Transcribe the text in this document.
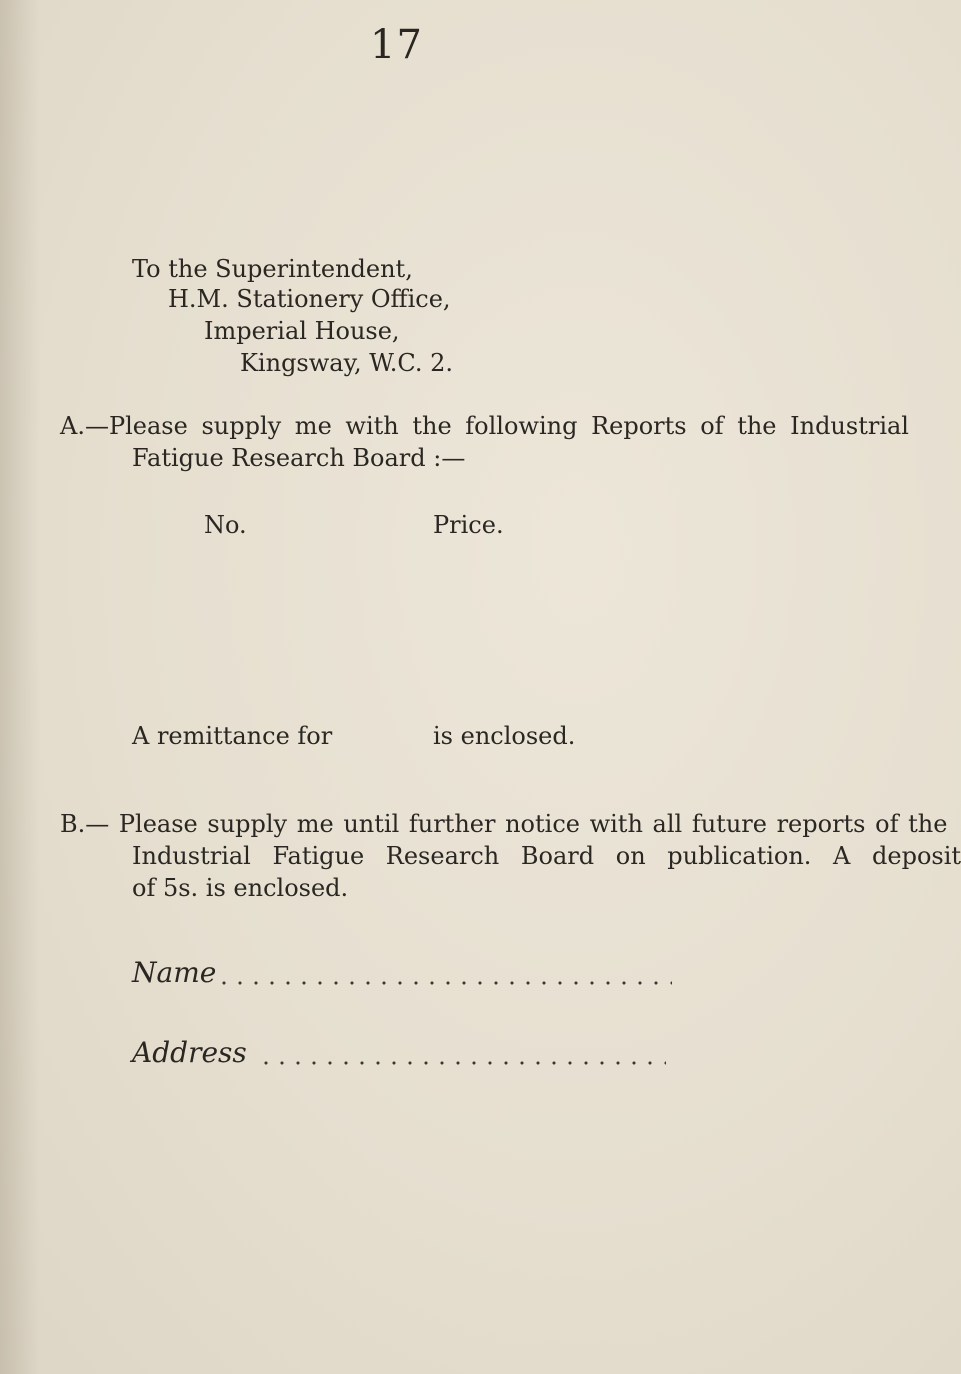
17
To the Superintendent,
H.M. Stationery Office,
Imperial House,
Kingsway, W.C. 2.
A.—Please supply me with the following Reports of the Industrial
Fatigue Research Board :—
No.	Price.
A remittance for	is enclosed.
B.— Please supply me until further notice with all future reports of the
Industrial Fatigue Research Board on publication. A deposit
of 5s. is enclosed.
Name
Address
